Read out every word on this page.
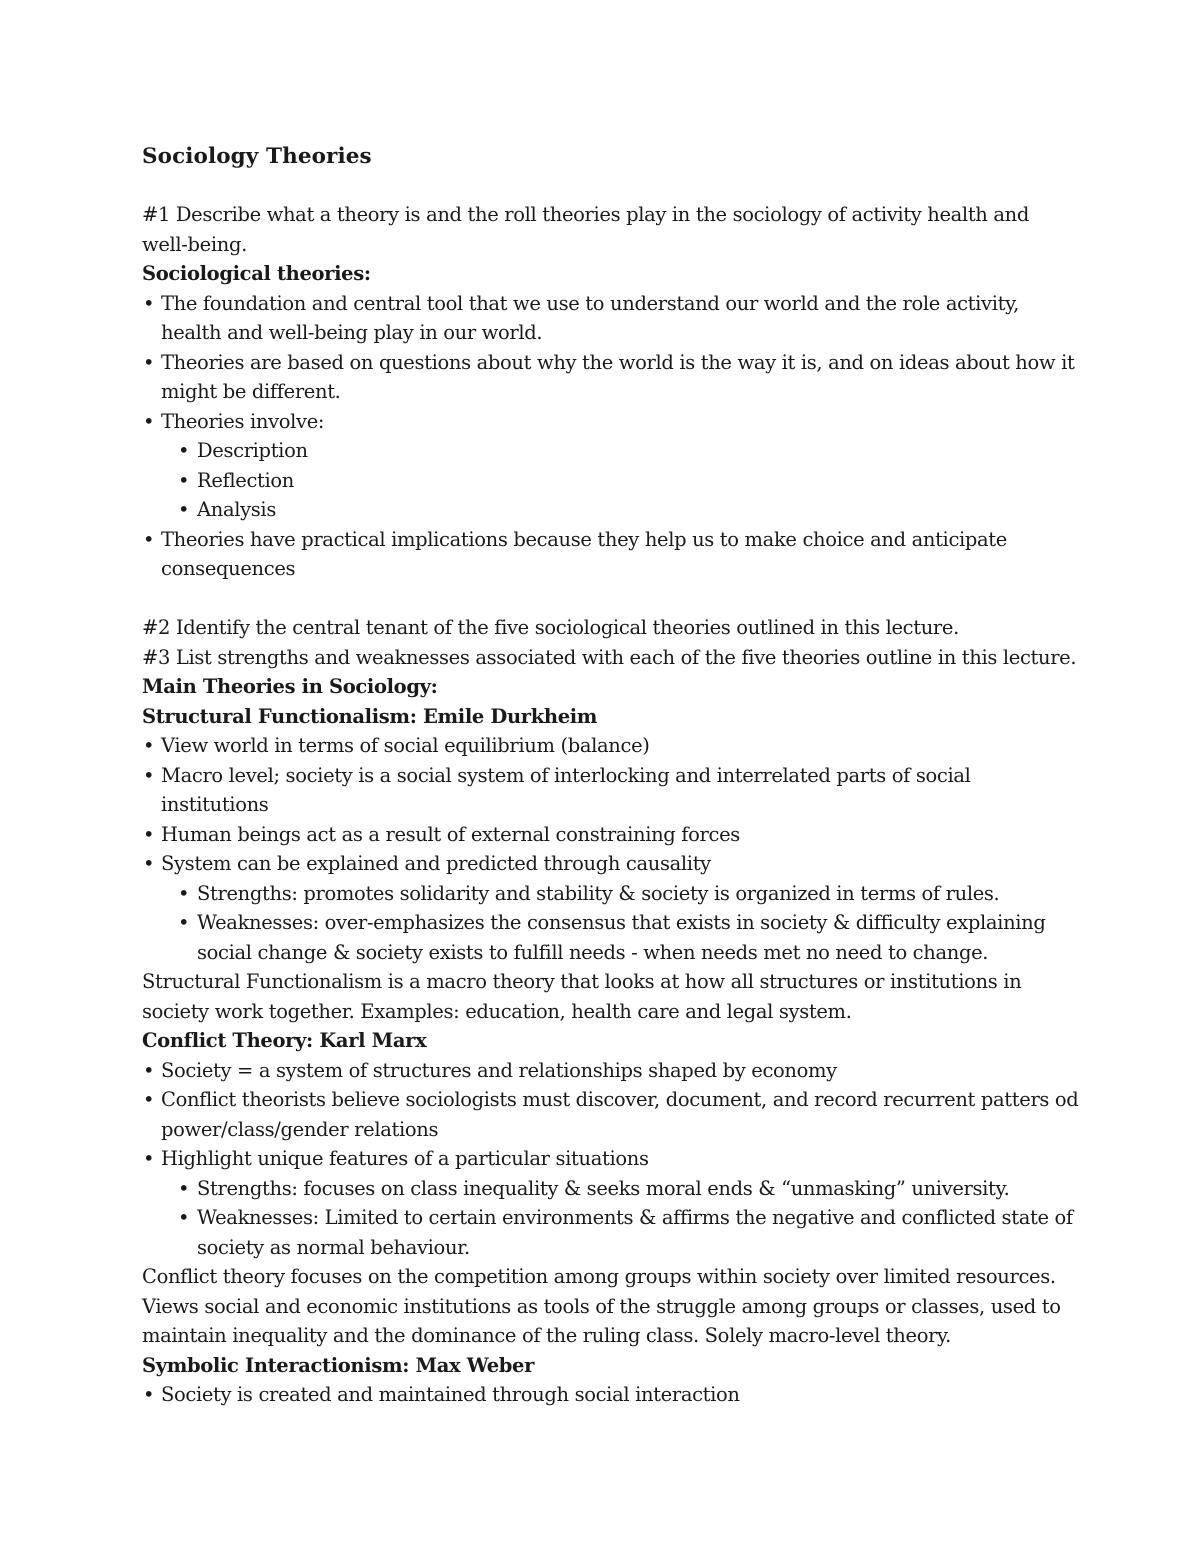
Sociology Theories

#1 Describe what a theory is and the roll theories play in the sociology of activity health and well-being.

Sociological theories:

• The foundation and central tool that we use to understand our world and the role activity, health and well-being play in our world.

• Theories are based on questions about why the world is the way it is, and on ideas about how it might be different.

• Theories involve:

• Description

• Reflection

• Analysis

• Theories have practical implications because they help us to make choice and anticipate consequences

#2 Identify the central tenant of the five sociological theories outlined in this lecture.

#3 List strengths and weaknesses associated with each of the five theories outline in this lecture.

Main Theories in Sociology:

Structural Functionalism: Emile Durkheim

• View world in terms of social equilibrium (balance)

• Macro level; society is a social system of interlocking and interrelated parts of social institutions

• Human beings act as a result of external constraining forces

• System can be explained and predicted through causality

• Strengths: promotes solidarity and stability & society is organized in terms of rules.

• Weaknesses: over-emphasizes the consensus that exists in society & difficulty explaining social change & society exists to fulfill needs - when needs met no need to change.

Structural Functionalism is a macro theory that looks at how all structures or institutions in society work together. Examples: education, health care and legal system.

Conflict Theory: Karl Marx

• Society = a system of structures and relationships shaped by economy

• Conflict theorists believe sociologists must discover, document, and record recurrent patters od power/class/gender relations

• Highlight unique features of a particular situations

• Strengths: focuses on class inequality & seeks moral ends & “unmasking” university.

• Weaknesses: Limited to certain environments & affirms the negative and conflicted state of society as normal behaviour.

Conflict theory focuses on the competition among groups within society over limited resources. Views social and economic institutions as tools of the struggle among groups or classes, used to maintain inequality and the dominance of the ruling class. Solely macro-level theory.

Symbolic Interactionism: Max Weber

• Society is created and maintained through social interaction
